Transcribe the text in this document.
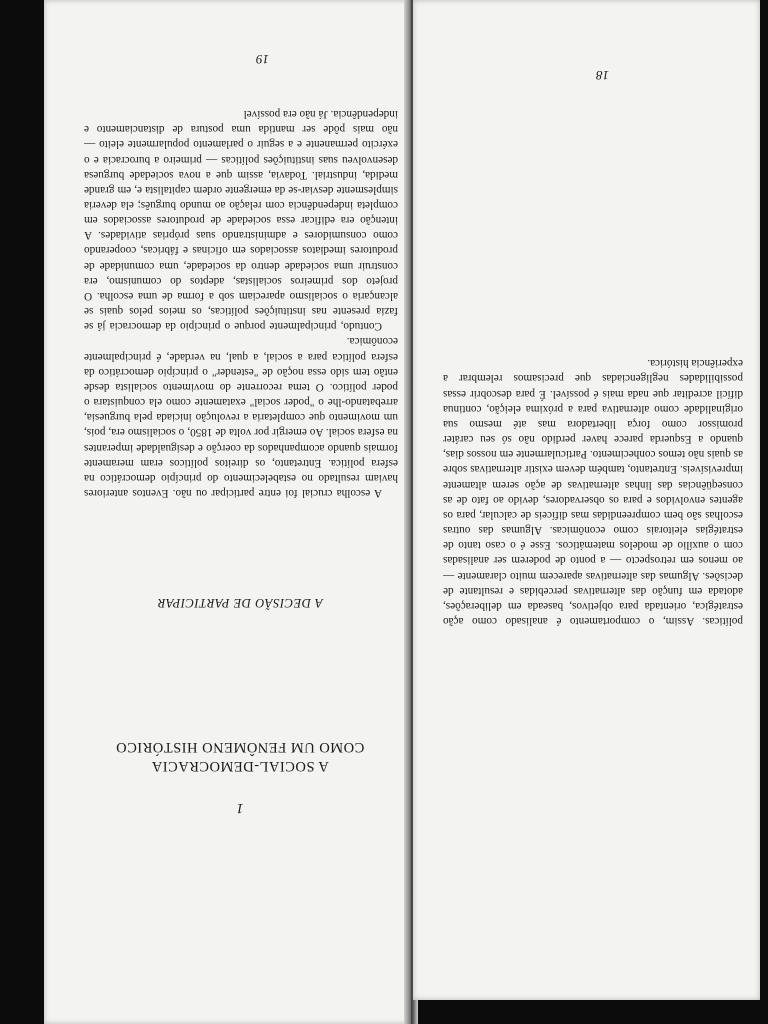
19

A escolha crucial foi entre participar ou não. Eventos anteriores haviam resultado no estabelecimento do princípio democrático na esfera política. Entretanto, os direitos políticos eram meramente formais quando acompanhados da coerção e desigualdade imperantes na esfera social. Ao emergir por volta de 1850, o socialismo era, pois, um movimento que completaria a revolução iniciada pela burguesia, arrebatando-lhe o "poder social" exatamente como ela conquistara o poder político. O tema recorrente do movimento socialista desde então tem sido essa noção de "estender" o princípio democrático da esfera política para a social, a qual, na verdade, é principalmente econômica.

Contudo, principalmente porque o princípio da democracia já se fazia presente nas instituições políticas, os meios pelos quais se alcançaria o socialismo apareciam sob a forma de uma escolha. O projeto dos primeiros socialistas, adeptos do comunismo, era construir uma sociedade dentro da sociedade, uma comunidade de produtores imediatos associados em oficinas e fábricas, cooperando como consumidores e administrando suas próprias atividades. A intenção era edificar essa sociedade de produtores associados em completa independência com relação ao mundo burguês; ela deveria simplesmente desviar-se da emergente ordem capitalista e, em grande medida, industrial. Todavia, assim que a nova sociedade burguesa desenvolveu suas instituições políticas — primeiro a burocracia e o exército permanente e a seguir o parlamento popularmente eleito — não mais pôde ser mantida uma postura de distanciamento e independência. Já não era possível

A DECISÃO DE PARTICIPAR
A SOCIAL-DEMOCRACIA
COMO UM FENÔMENO HISTÓRICO
1
18

políticas. Assim, o comportamento é analisado como ação estratégica, orientada para objetivos, baseada em deliberações, adotada em função das alternativas percebidas e resultante de decisões. Algumas das alternativas aparecem muito claramente — ao menos em retrospecto — a ponto de poderem ser analisadas com o auxílio de modelos matemáticos. Esse é o caso tanto de estratégias eleitorais como econômicas. Algumas das outras escolhas são bem compreendidas mas difíceis de calcular, para os agentes envolvidos e para os observadores, devido ao fato de as conseqüências das linhas alternativas de ação serem altamente imprevisíveis. Entretanto, também devem existir alternativas sobre as quais não temos conhecimento. Particularmente em nossos dias, quando a Esquerda parece haver perdido não só seu caráter promissor como força libertadora mas até mesmo sua originalidade como alternativa para a próxima eleição, continua difícil acreditar que nada mais é possível. É para descobrir essas possibilidades negligenciadas que precisamos relembrar a experiência histórica.
